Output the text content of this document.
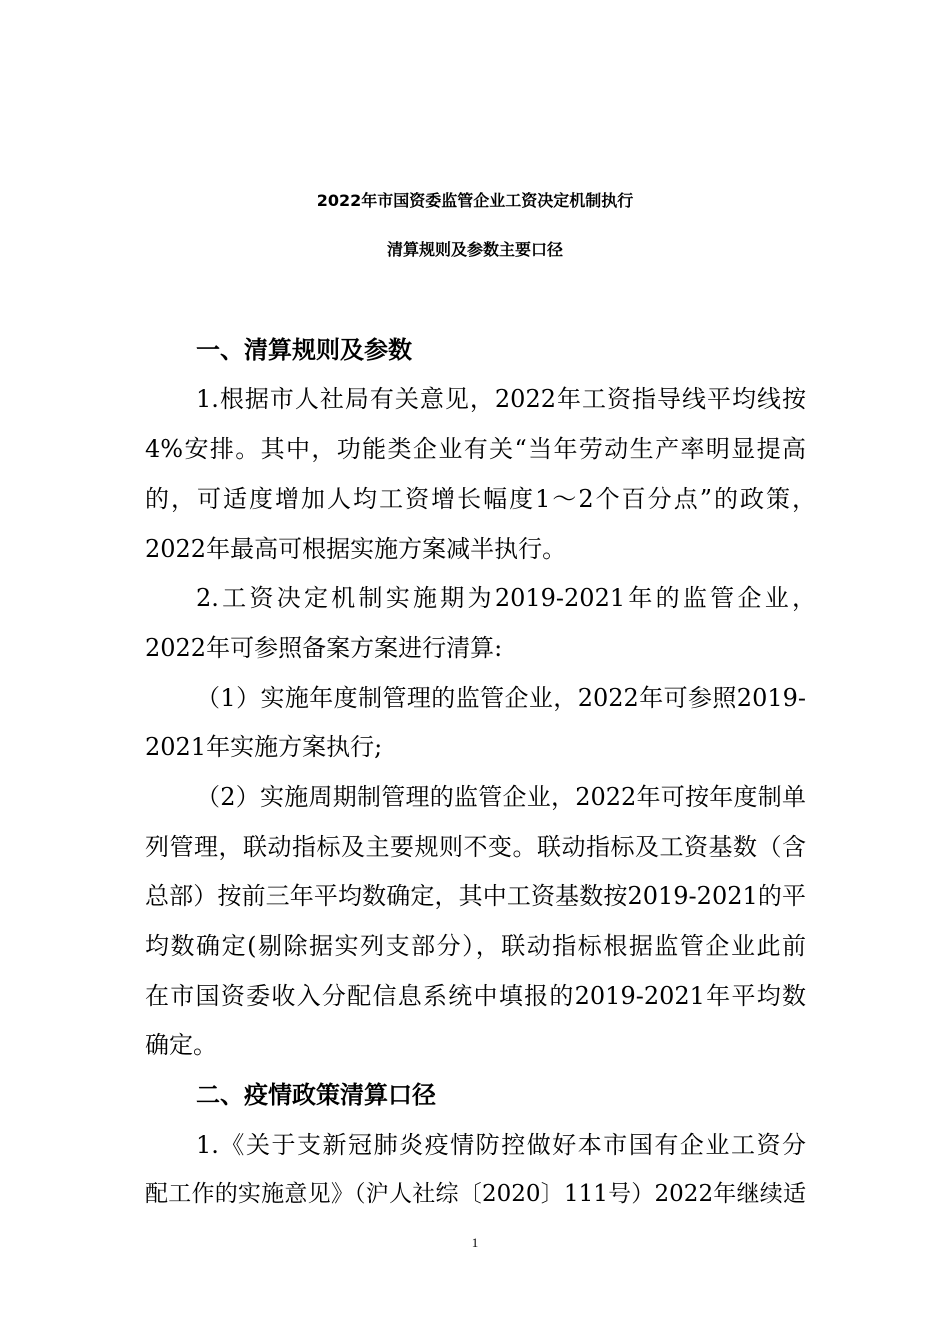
2022年市国资委监管企业工资决定机制执行
清算规则及参数主要口径
一、清算规则及参数
1.根据市人社局有关意见，2022年工资指导线平均线按
4%安排。其中，功能类企业有关“当年劳动生产率明显提高
的，可适度增加人均工资增长幅度1～2个百分点”的政策，
2022年最高可根据实施方案减半执行。
2.工资决定机制实施期为2019-2021年的监管企业，
2022年可参照备案方案进行清算:
（1）实施年度制管理的监管企业，2022年可参照2019-
2021年实施方案执行;
（2）实施周期制管理的监管企业，2022年可按年度制单
列管理，联动指标及主要规则不变。联动指标及工资基数（含
总部）按前三年平均数确定，其中工资基数按2019-2021的平
均数确定(剔除据实列支部分），联动指标根据监管企业此前
在市国资委收入分配信息系统中填报的2019-2021年平均数
确定。
二、疫情政策清算口径
1.《关于支新冠肺炎疫情防控做好本市国有企业工资分
配工作的实施意见》（沪人社综〔2020〕111号）2022年继续适
1
